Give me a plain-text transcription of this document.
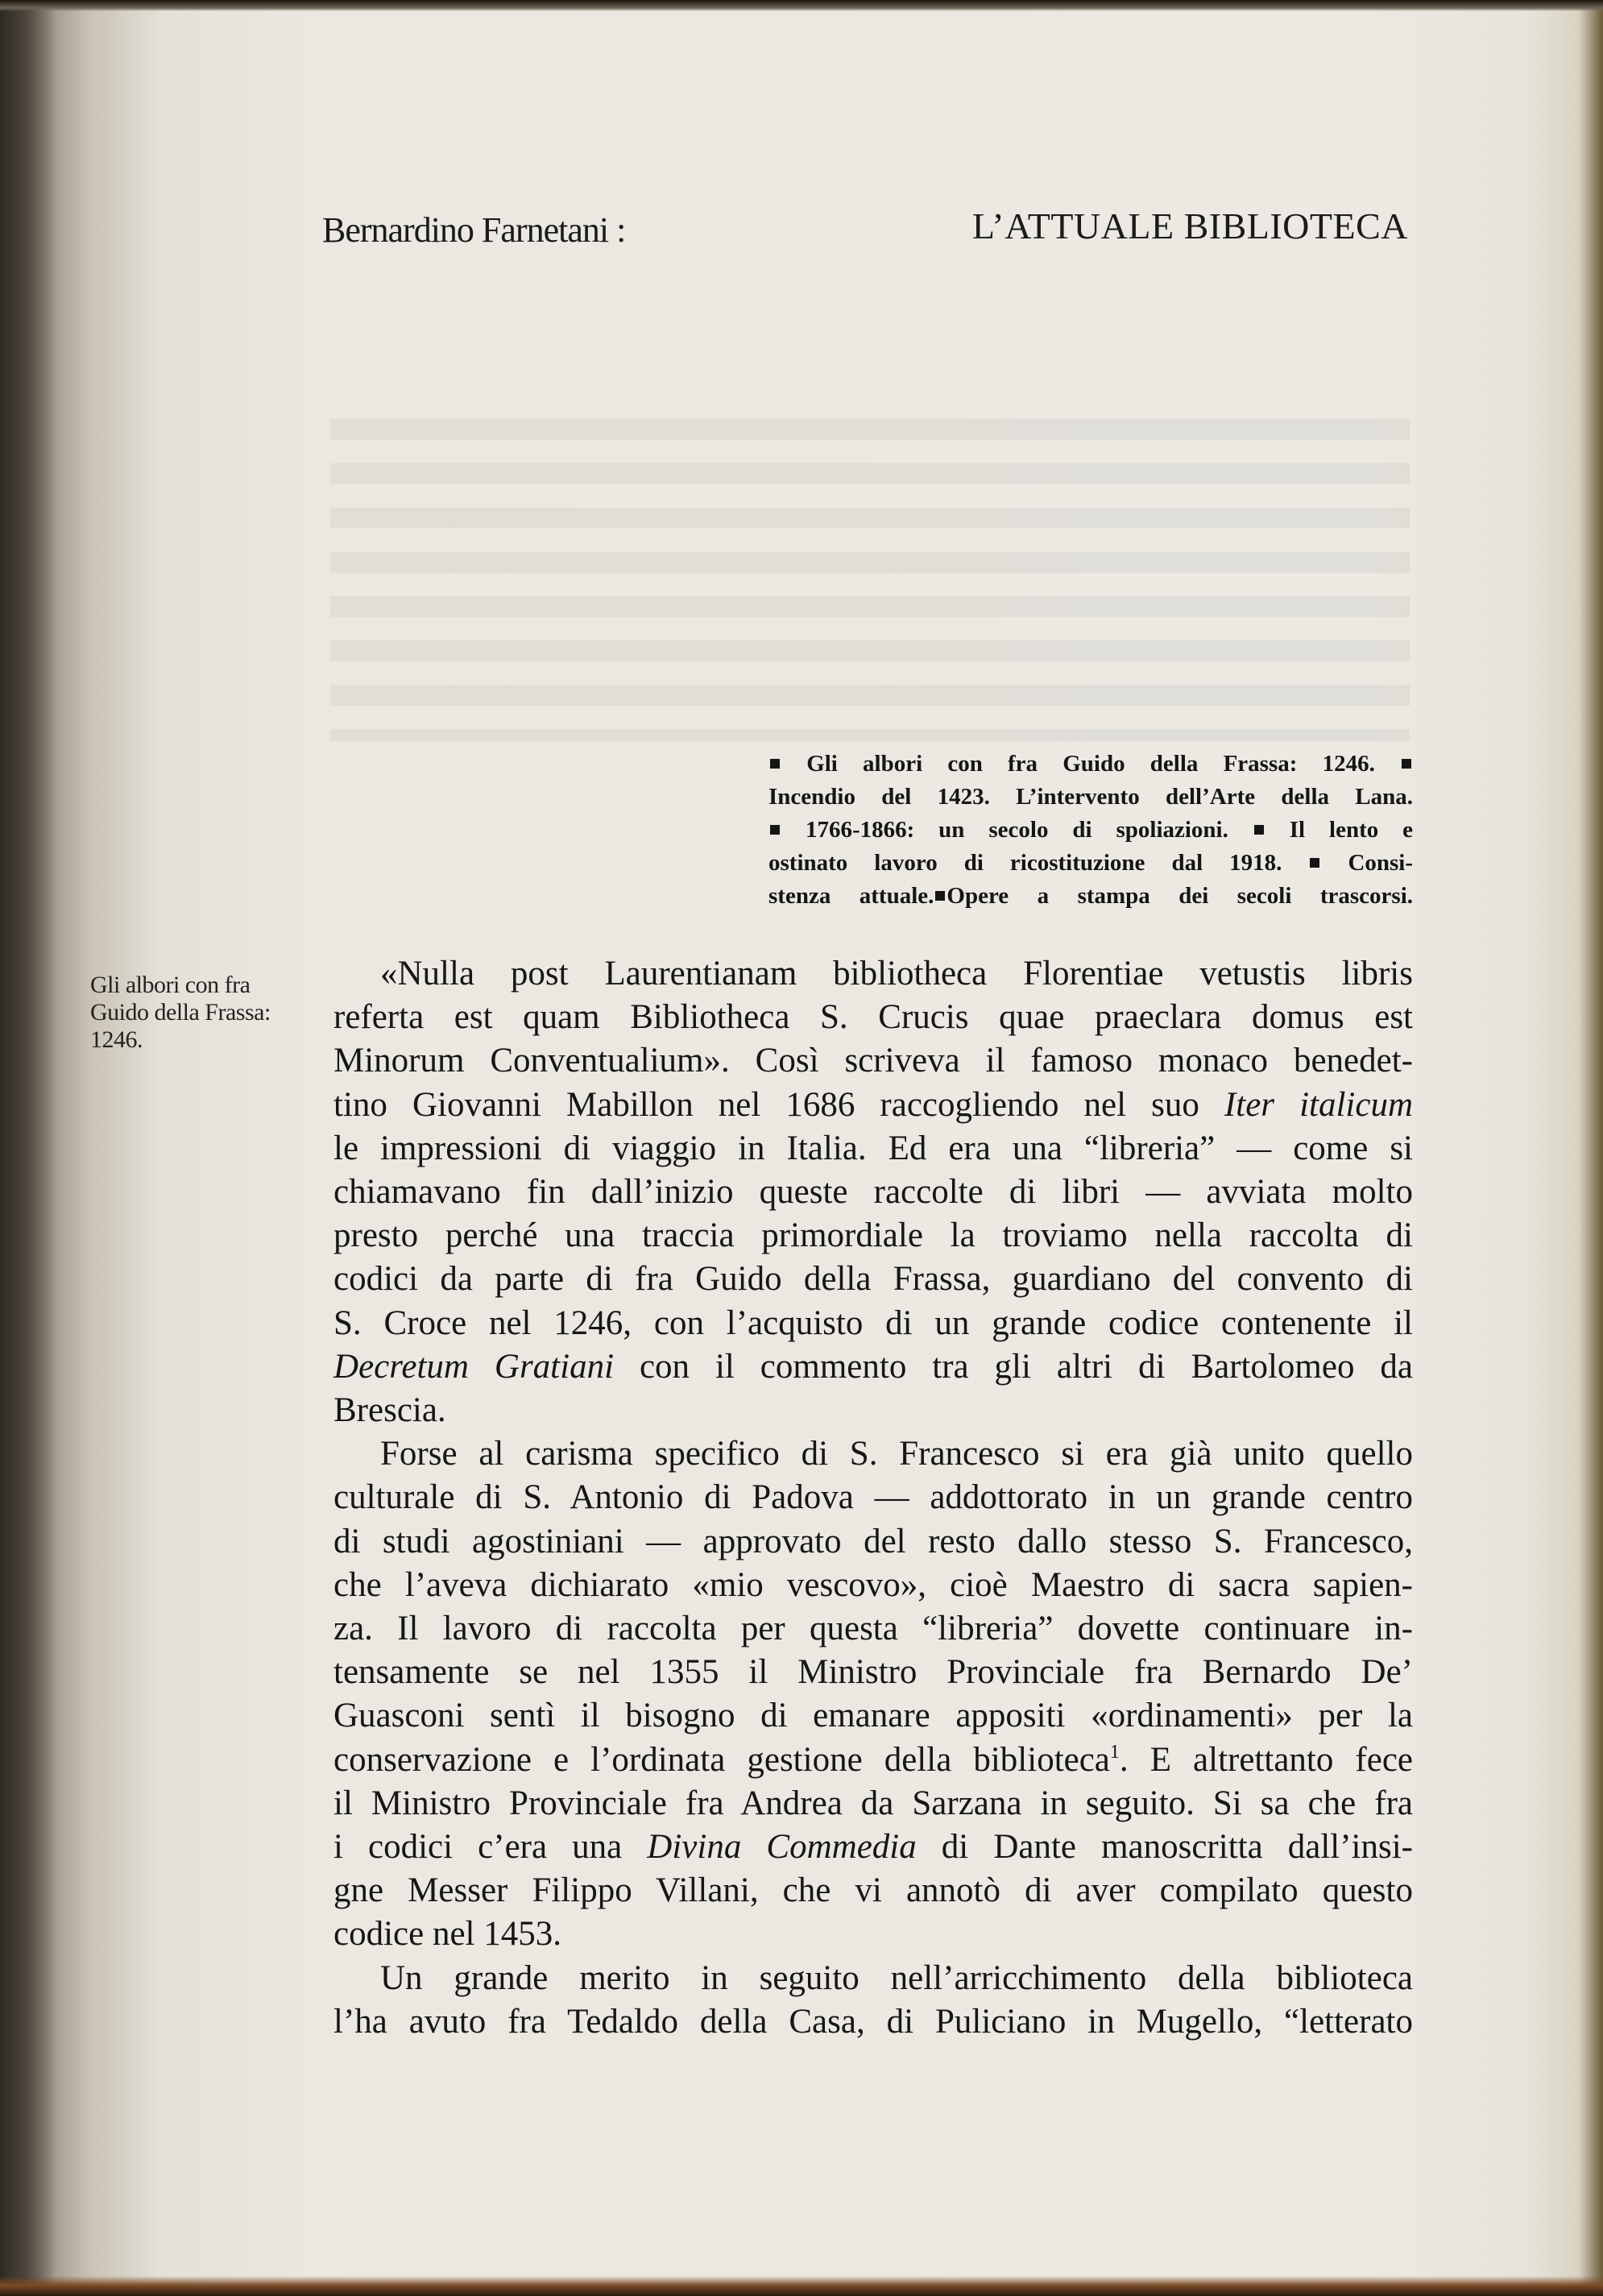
Bernardino Farnetani :	L’ATTUALE BIBLIOTECA
Gli albori con fra Guido della Frassa: 1246.
Incendio del 1423. L’intervento dell’Arte della Lana.
1766-1866: un secolo di spoliazioni.	Il lento e
ostinato lavoro di ricostituzione dal 1918.	Consi-
stenza attuale. Opere a stampa dei secoli trascorsi.
Gli albori con fra
Guido della Frassa:
1246.
«Nulla post Laurentianam bibliotheca Florentiae vetustis libris
referta est quam Bibliotheca S. Crucis quae praeclara domus est
Minorum Conventualium». Così scriveva il famoso monaco benedet-
tino Giovanni Mabillon nel 1686 raccogliendo nel suo Iter italicum
le impressioni di viaggio in Italia. Ed era una “libreria” — come si
chiamavano fin dall’inizio queste raccolte di libri — avviata molto
presto perché una traccia primordiale la troviamo nella raccolta di
codici da parte di fra Guido della Frassa, guardiano del convento di
S. Croce nel 1246, con l’acquisto di un grande codice contenente il
Decretum Gratiani con il commento tra gli altri di Bartolomeo da
Brescia.
Forse al carisma specifico di S. Francesco si era già unito quello
culturale di S. Antonio di Padova — addottorato in un grande centro
di studi agostiniani — approvato del resto dallo stesso S. Francesco,
che l’aveva dichiarato «mio vescovo», cioè Maestro di sacra sapien-
za. Il lavoro di raccolta per questa “libreria” dovette continuare in-
tensamente se nel 1355 il Ministro Provinciale fra Bernardo De’
Guasconi sentì il bisogno di emanare appositi «ordinamenti» per la
conservazione e l’ordinata gestione della biblioteca$^1$. E altrettanto fece
il Ministro Provinciale fra Andrea da Sarzana in seguito. Si sa che fra
i codici c’era una Divina Commedia di Dante manoscritta dall’insi-
gne Messer Filippo Villani, che vi annotò di aver compilato questo
codice nel 1453.
Un grande merito in seguito nell’arricchimento della biblioteca
l’ha avuto fra Tedaldo della Casa, di Puliciano in Mugello, “letterato
